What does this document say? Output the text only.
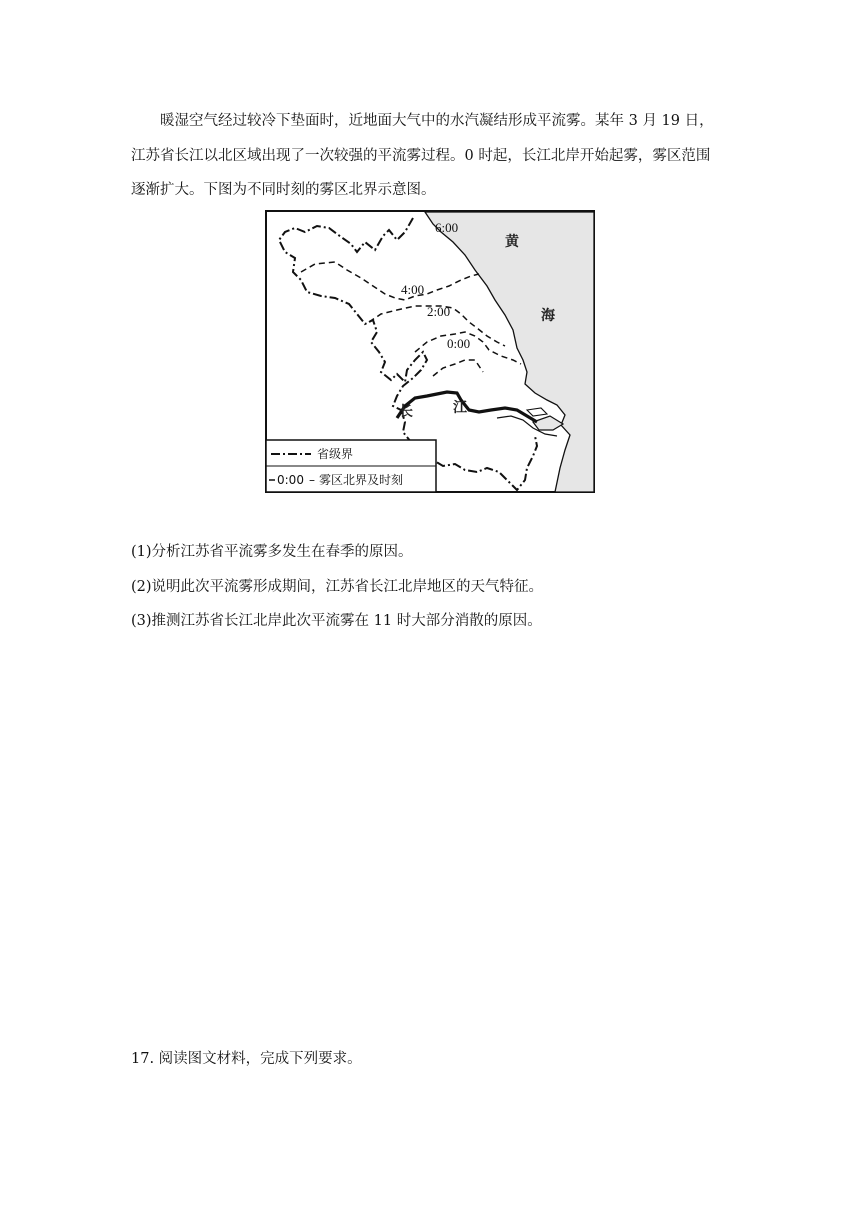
暖湿空气经过较冷下垫面时，近地面大气中的水汽凝结形成平流雾。某年 3 月 19 日，
江苏省长江以北区域出现了一次较强的平流雾过程。0 时起，长江北岸开始起雾，雾区范围
逐渐扩大。下图为不同时刻的雾区北界示意图。
6:00
4:00
2:00
0:00
黄
海
长	江
省级界
0:00 – 雾区北界及时刻

(1)分析江苏省平流雾多发生在春季的原因。

(2)说明此次平流雾形成期间，江苏省长江北岸地区的天气特征。

(3)推测江苏省长江北岸此次平流雾在 11 时大部分消散的原因。

17. 阅读图文材料，完成下列要求。
